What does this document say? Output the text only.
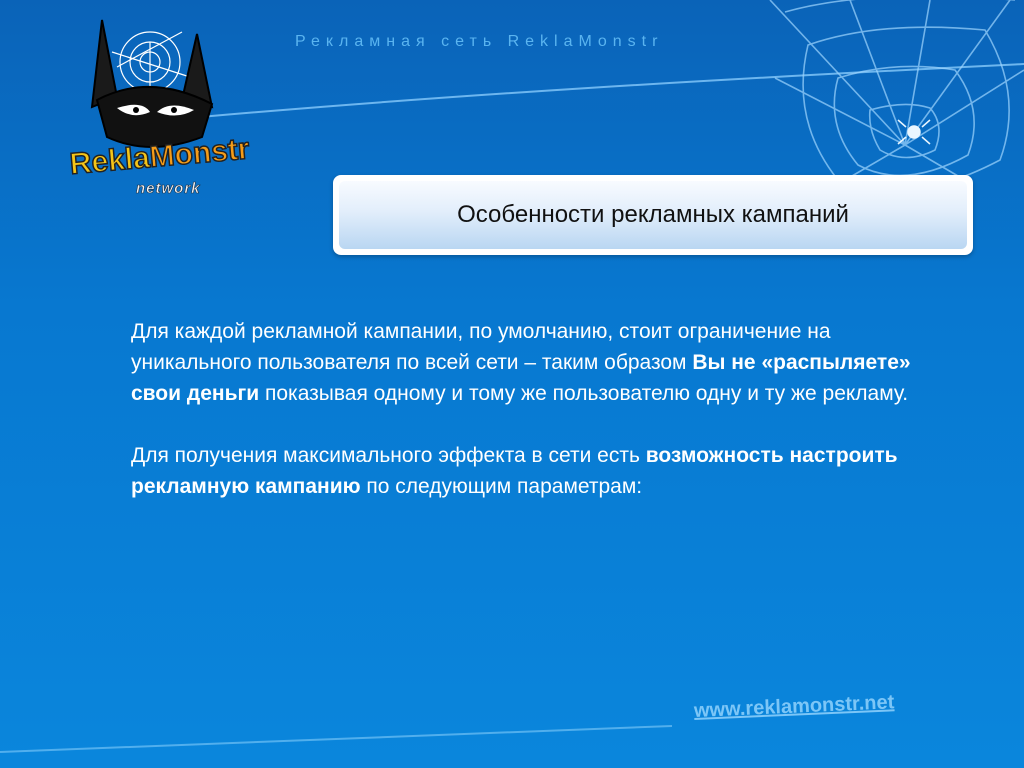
Рекламная сеть ReklaMonstr
ReklaMonstr
network
Особенности рекламных кампаний

Для каждой рекламной кампании, по умолчанию, стоит ограничение на уникального пользователя по всей сети – таким образом Вы не «распыляете» свои деньги показывая одному и тому же пользователю одну и ту же рекламу.

Для получения максимального эффекта в сети есть возможность настроить рекламную кампанию по следующим параметрам:

www.reklamonstr.net
